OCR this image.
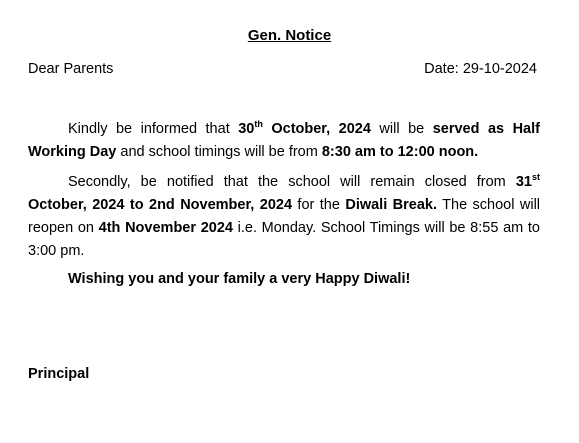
Gen. Notice
Dear Parents	Date: 29-10-2024
Kindly be informed that 30th October, 2024 will be served as Half Working Day and school timings will be from 8:30 am to 12:00 noon.
Secondly, be notified that the school will remain closed from 31st October, 2024 to 2nd November, 2024 for the Diwali Break. The school will reopen on 4th November 2024 i.e. Monday. School Timings will be 8:55 am to 3:00 pm.
Wishing you and your family a very Happy Diwali!
Principal
